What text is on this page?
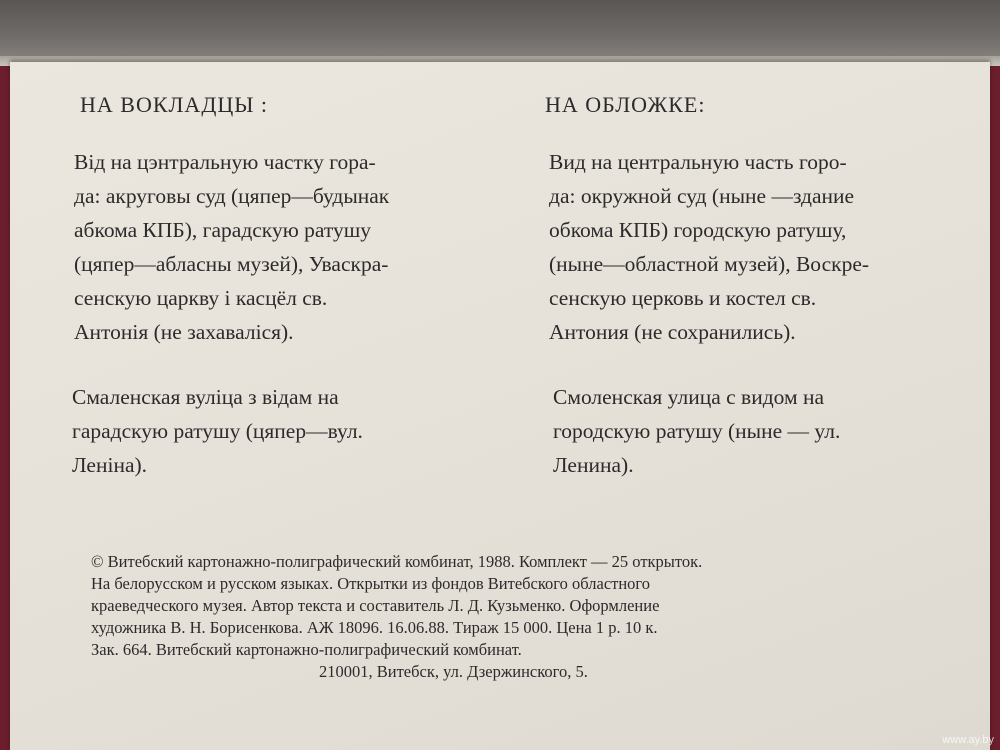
НА ВОКЛАДЦЫ :
Від на цэнтральную частку гора-
да: акруговы суд (цяпер—будынак
абкома КПБ), гарадскую ратушу
(цяпер—абласны музей), Уваскра-
сенскую царкву і касцёл св.
Антонія (не захаваліся).
Смаленская вуліца з відам на
гарадскую ратушу (цяпер—вул.
Леніна).
НА ОБЛОЖКЕ:
Вид на центральную часть горо-
да: окружной суд (ныне —здание
обкома КПБ) городскую ратушу,
(ныне—областной музей), Воскре-
сенскую церковь и костел св.
Антония (не сохранились).
Смоленская улица с видом на
городскую ратушу (ныне — ул.
Ленина).
© Витебский картонажно-полиграфический комбинат, 1988. Комплект — 25 открыток.
На белорусском и русском языках. Открытки из фондов Витебского областного
краеведческого музея. Автор текста и составитель Л. Д. Кузьменко. Оформление
художника В. Н. Борисенкова. АЖ 18096. 16.06.88. Тираж 15 000. Цена 1 р. 10 к.
Зак. 664. Витебский картонажно-полиграфический комбинат.
210001, Витебск, ул. Дзержинского, 5.
www.ay.by
